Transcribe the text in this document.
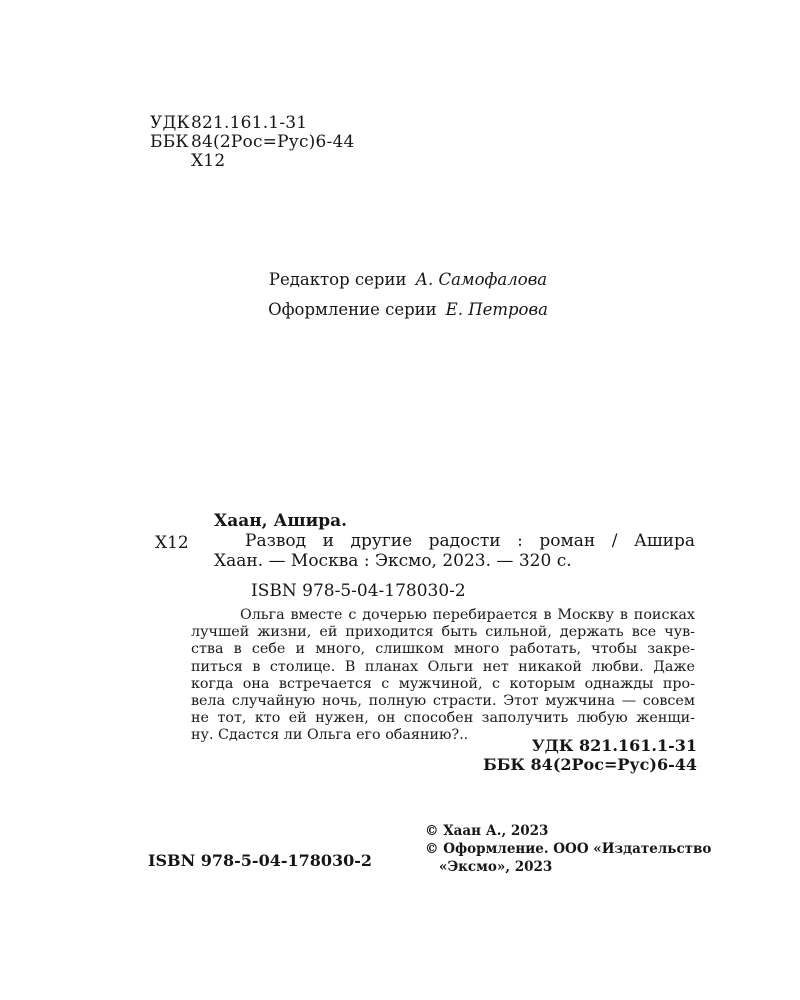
УДК 821.161.1-31
ББК 84(2Рос=Рус)6-44
Х12
Редактор серии А. Самофалова
Оформление серии Е. Петрова
Х12
Хаан, Ашира.
Развод и другие радости : роман / Ашира
Хаан. — Москва : Эксмо, 2023. — 320 с.
ISBN 978-5-04-178030-2
Ольга вместе с дочерью перебирается в Москву в поисках
лучшей жизни, ей приходится быть сильной, держать все чув-
ства в себе и много, слишком много работать, чтобы закре-
питься в столице. В планах Ольги нет никакой любви. Даже
когда она встречается с мужчиной, с которым однажды про-
вела случайную ночь, полную страсти. Этот мужчина — совсем
не тот, кто ей нужен, он способен заполучить любую женщи-
ну. Сдастся ли Ольга его обаянию?..
УДК 821.161.1-31
ББК 84(2Рос=Рус)6-44
ISBN 978-5-04-178030-2
© Хаан А., 2023
© Оформление. ООО «Издательство
«Эксмо», 2023
